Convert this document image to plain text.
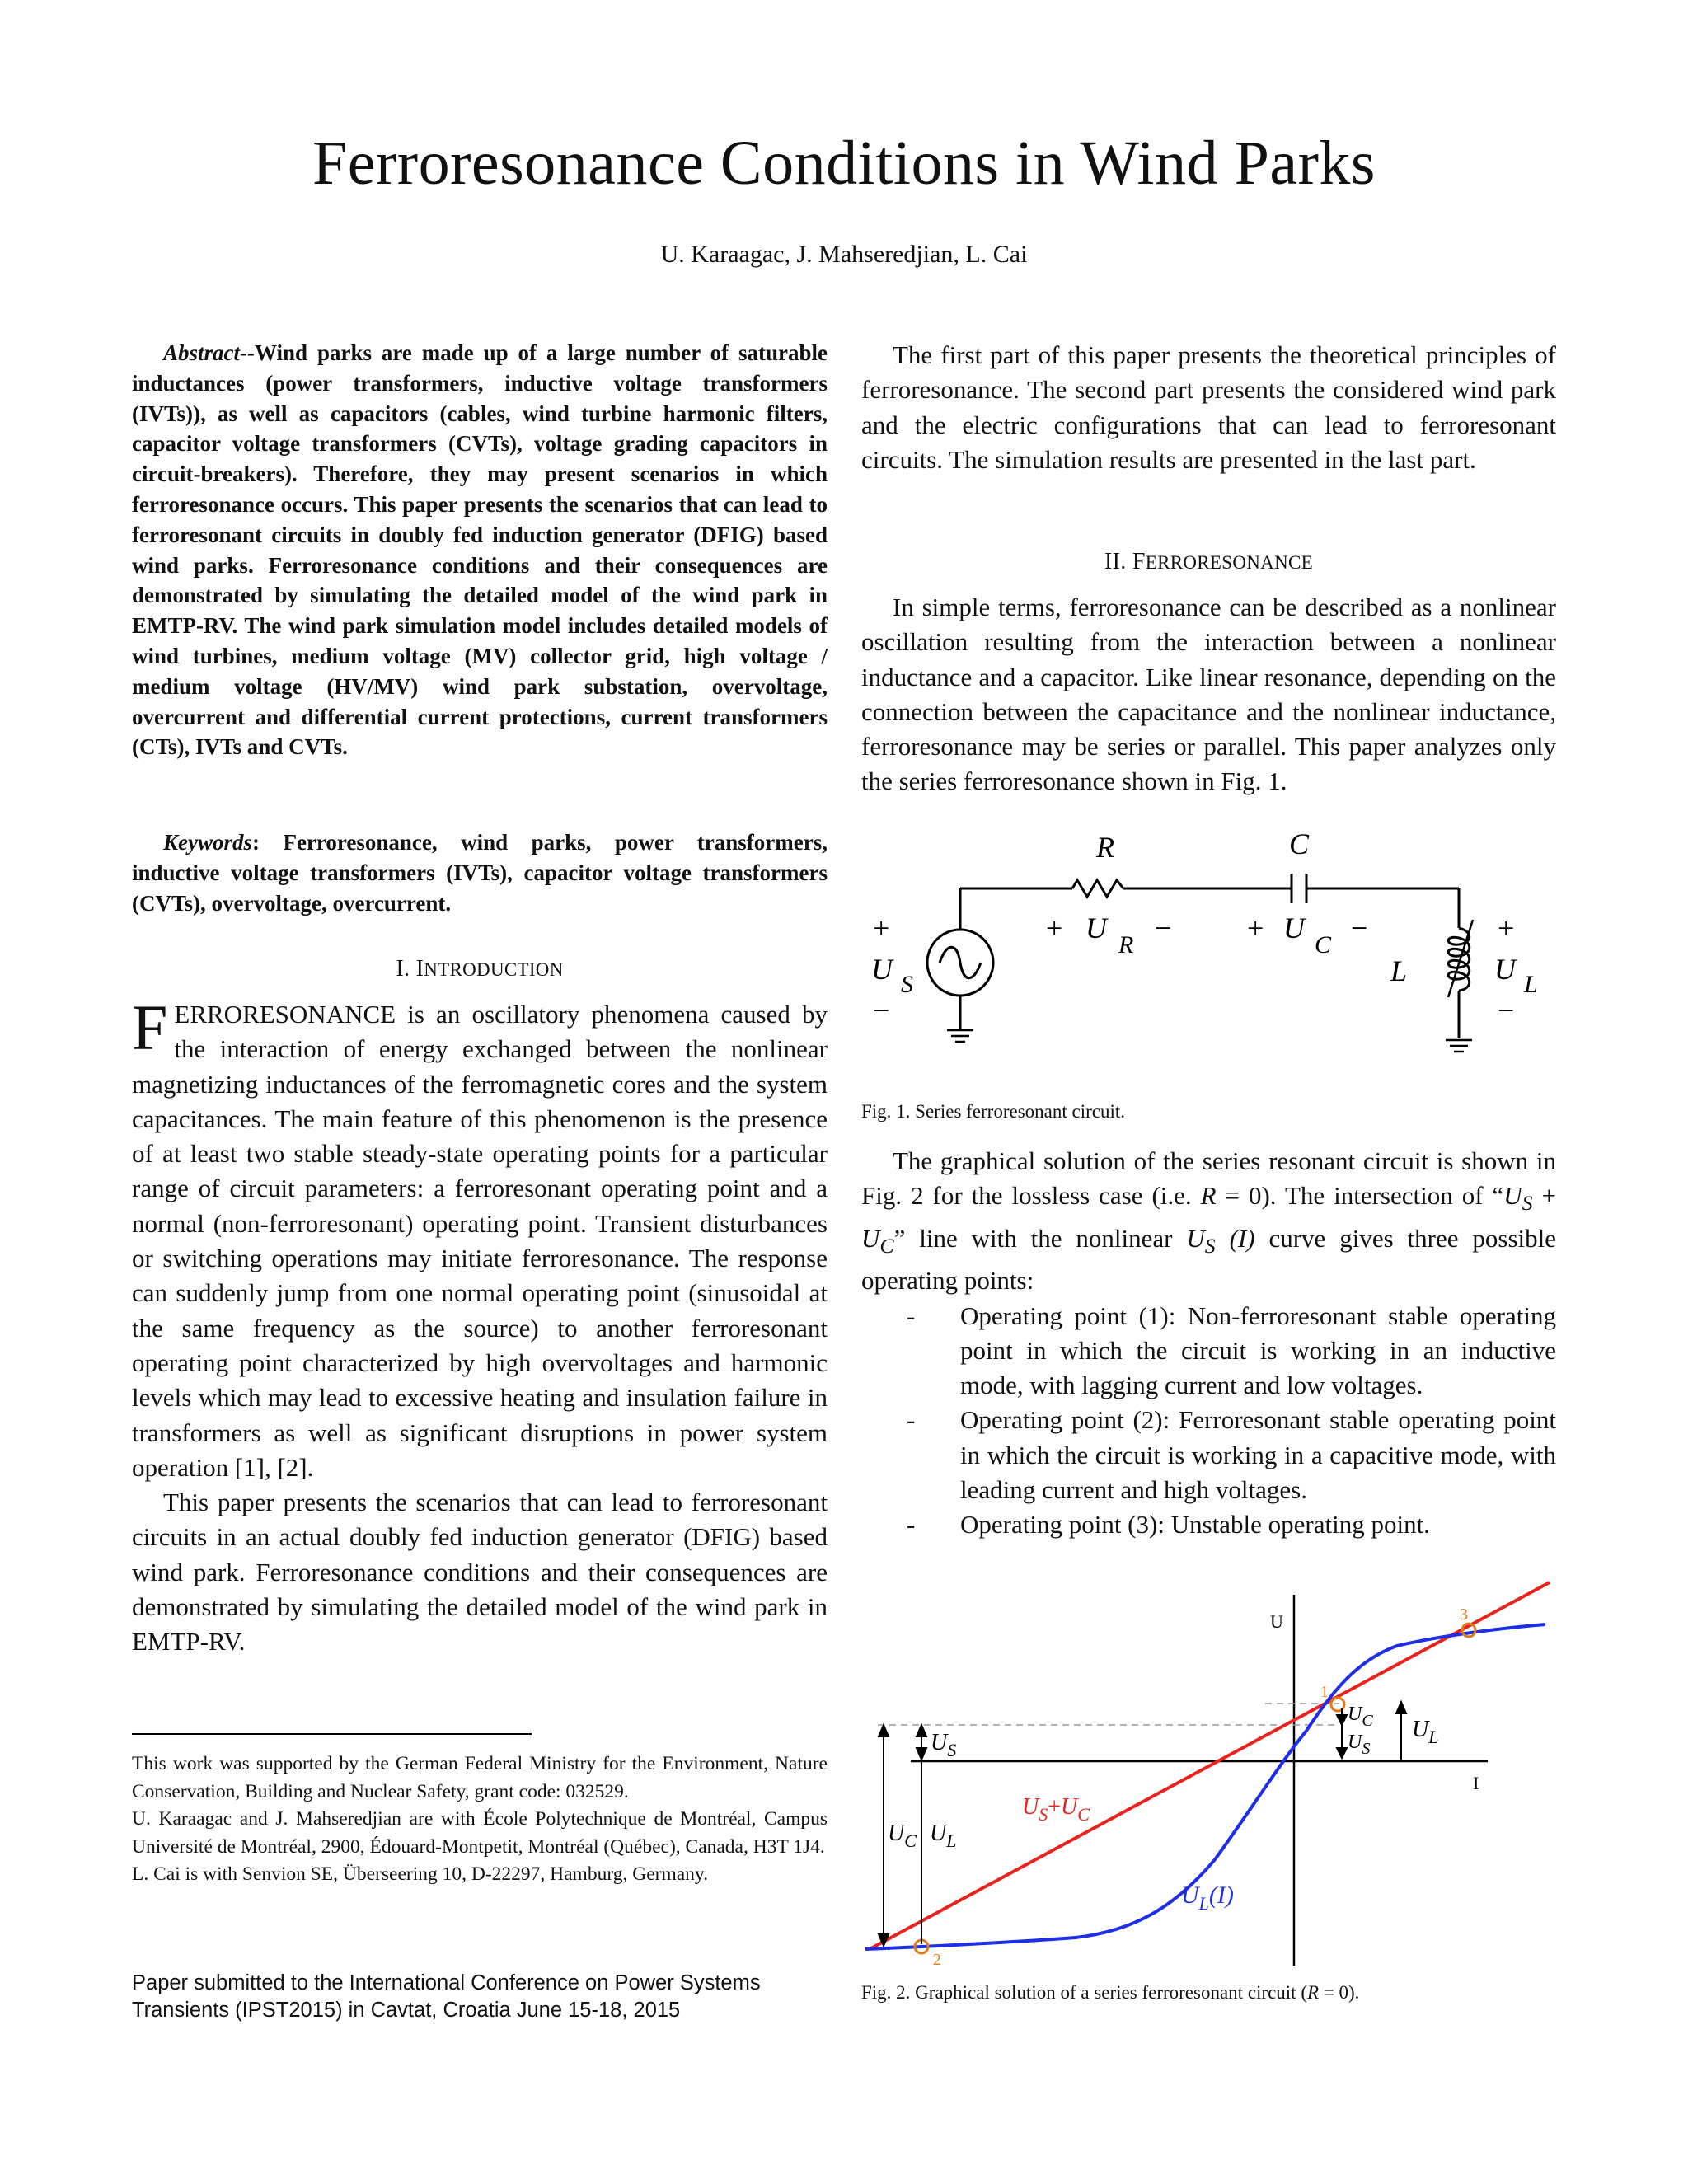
Ferroresonance Conditions in Wind Parks
U. Karaagac, J. Mahseredjian, L. Cai
Abstract--Wind parks are made up of a large number of saturable inductances (power transformers, inductive voltage transformers (IVTs)), as well as capacitors (cables, wind turbine harmonic filters, capacitor voltage transformers (CVTs), voltage grading capacitors in circuit-breakers). Therefore, they may present scenarios in which ferroresonance occurs. This paper presents the scenarios that can lead to ferroresonant circuits in doubly fed induction generator (DFIG) based wind parks. Ferroresonance conditions and their consequences are demonstrated by simulating the detailed model of the wind park in EMTP-RV. The wind park simulation model includes detailed models of wind turbines, medium voltage (MV) collector grid, high voltage / medium voltage (HV/MV) wind park substation, overvoltage, overcurrent and differential current protections, current transformers (CTs), IVTs and CVTs.
Keywords: Ferroresonance, wind parks, power transformers, inductive voltage transformers (IVTs), capacitor voltage transformers (CVTs), overvoltage, overcurrent.
I. INTRODUCTION

FERRORESONANCE is an oscillatory phenomena caused by the interaction of energy exchanged between the nonlinear magnetizing inductances of the ferromagnetic cores and the system capacitances. The main feature of this phenomenon is the presence of at least two stable steady-state operating points for a particular range of circuit parameters: a ferroresonant operating point and a normal (non-ferroresonant) operating point. Transient disturbances or switching operations may initiate ferroresonance. The response can suddenly jump from one normal operating point (sinusoidal at the same frequency as the source) to another ferroresonant operating point characterized by high overvoltages and harmonic levels which may lead to excessive heating and insulation failure in transformers as well as significant disruptions in power system operation [1], [2].

This paper presents the scenarios that can lead to ferroresonant circuits in an actual doubly fed induction generator (DFIG) based wind park. Ferroresonance conditions and their consequences are demonstrated by simulating the detailed model of the wind park in EMTP-RV.

This work was supported by the German Federal Ministry for the Environment, Nature Conservation, Building and Nuclear Safety, grant code: 032529.

U. Karaagac and J. Mahseredjian are with École Polytechnique de Montréal, Campus Université de Montréal, 2900, Édouard-Montpetit, Montréal (Québec), Canada, H3T 1J4.

L. Cai is with Senvion SE, Überseering 10, D-22297, Hamburg, Germany.

Paper submitted to the International Conference on Power Systems
Transients (IPST2015) in Cavtat, Croatia June 15-18, 2015

The first part of this paper presents the theoretical principles of ferroresonance. The second part presents the considered wind park and the electric configurations that can lead to ferroresonant circuits. The simulation results are presented in the last part.

II. FERRORESONANCE

In simple terms, ferroresonance can be described as a nonlinear oscillation resulting from the interaction between a nonlinear inductance and a capacitor. Like linear resonance, depending on the connection between the capacitance and the nonlinear inductance, ferroresonance may be series or parallel. This paper analyzes only the series ferroresonance shown in Fig. 1.

R	C
+
U S
−
+ U
R
−	+ U
C
−
L
+
U L
−
Fig. 1. Series ferroresonant circuit.

The graphical solution of the series resonant circuit is shown in Fig. 2 for the lossless case (i.e. R = 0). The intersection of “$U_S + U_C$” line with the nonlinear $U_S$ (I) curve gives three possible operating points:

- Operating point (1): Non-ferroresonant stable operating point in which the circuit is working in an inductive mode, with lagging current and low voltages.
- Operating point (2): Ferroresonant stable operating point in which the circuit is working in a capacitive mode, with leading current and high voltages.
- Operating point (3): Unstable operating point.
U
I
1
2
3
$U_S$
$U_C$ $U_L$
$U_C$
$U_S$
$U_L$
$U_S+U_C$
$U_L(I)$
Fig. 2. Graphical solution of a series ferroresonant circuit (R = 0).
